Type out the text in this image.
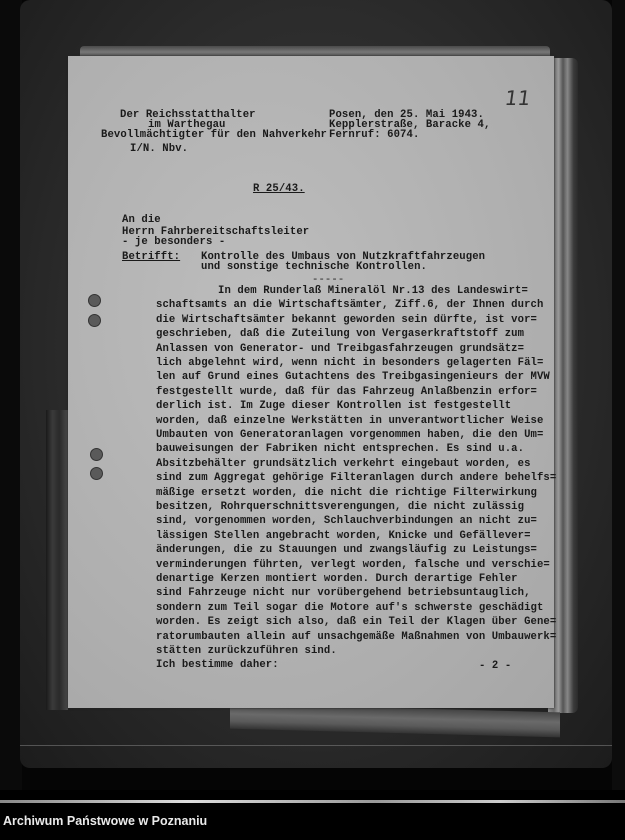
Der Reichsstatthalter
im Warthegau
Bevollmächtigter für den Nahverkehr
I/N. Nbv.
Posen, den 25. Mai 1943.
Kepplerstraße, Baracke 4,
Fernruf: 6074.
R 25/43.
An die
Herrn Fahrbereitschaftsleiter
- je besonders -
Betrifft: Kontrolle des Umbaus von Nutzkraftfahrzeugen
und sonstige technische Kontrollen.
-----
In dem Runderlaß Mineralöl Nr.13 des Landeswirt=
schaftsamts an die Wirtschaftsämter, Ziff.6, der Ihnen durch
die Wirtschaftsämter bekannt geworden sein dürfte, ist vor=
geschrieben, daß die Zuteilung von Vergaserkraftstoff zum
Anlassen von Generator- und Treibgasfahrzeugen grundsätz=
lich abgelehnt wird, wenn nicht in besonders gelagerten Fäl=
len auf Grund eines Gutachtens des Treibgasingenieurs der MVW
festgestellt wurde, daß für das Fahrzeug Anlaßbenzin erfor=
derlich ist. Im Zuge dieser Kontrollen ist festgestellt
worden, daß einzelne Werkstätten in unverantwortlicher Weise
Umbauten von Generatoranlagen vorgenommen haben, die den Um=
bauweisungen der Fabriken nicht entsprechen. Es sind u.a.
Absitzbehälter grundsätzlich verkehrt eingebaut worden, es
sind zum Aggregat gehörige Filteranlagen durch andere behelfs=
mäßige ersetzt worden, die nicht die richtige Filterwirkung
besitzen, Rohrquerschnittsverengungen, die nicht zulässig
sind, vorgenommen worden, Schlauchverbindungen an nicht zu=
lässigen Stellen angebracht worden, Knicke und Gefällever=
änderungen, die zu Stauungen und zwangsläufig zu Leistungs=
verminderungen führten, verlegt worden, falsche und verschie=
denartige Kerzen montiert worden. Durch derartige Fehler
sind Fahrzeuge nicht nur vorübergehend betriebsuntauglich,
sondern zum Teil sogar die Motore auf's schwerste geschädigt
worden. Es zeigt sich also, daß ein Teil der Klagen über Gene=
ratorumbauten allein auf unsachgemäße Maßnahmen von Umbauwerk=
stätten zurückzuführen sind.
Ich bestimme daher:	- 2 -
11
Archiwum Państwowe w Poznaniu
